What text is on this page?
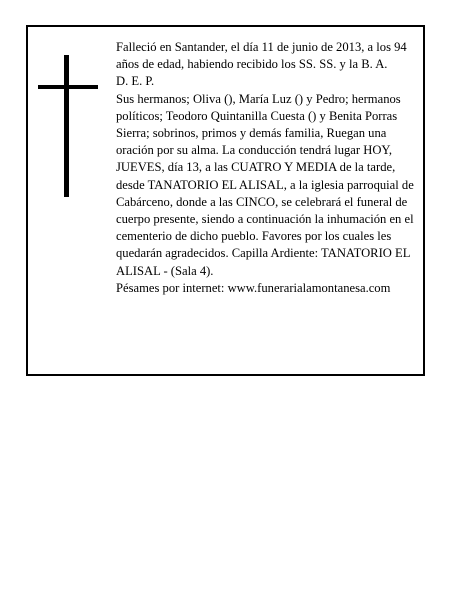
Falleció en Santander, el día 11 de junio de 2013, a los 94 años de edad, habiendo recibido los SS. SS. y la B. A.

D. E. P.

Sus hermanos; Oliva (), María Luz () y Pedro; hermanos políticos; Teodoro Quintanilla Cuesta () y Benita Porras Sierra; sobrinos, primos y demás familia, Ruegan una oración por su alma. La conducción tendrá lugar HOY, JUEVES, día 13, a las CUATRO Y MEDIA de la tarde, desde TANATORIO EL ALISAL, a la iglesia parroquial de Cabárceno, donde a las CINCO, se celebrará el funeral de cuerpo presente, siendo a continuación la inhumación en el cementerio de dicho pueblo. Favores por los cuales les quedarán agradecidos. Capilla Ardiente: TANATORIO EL ALISAL - (Sala 4).

Pésames por internet: www.funerarialamontanesa.com
